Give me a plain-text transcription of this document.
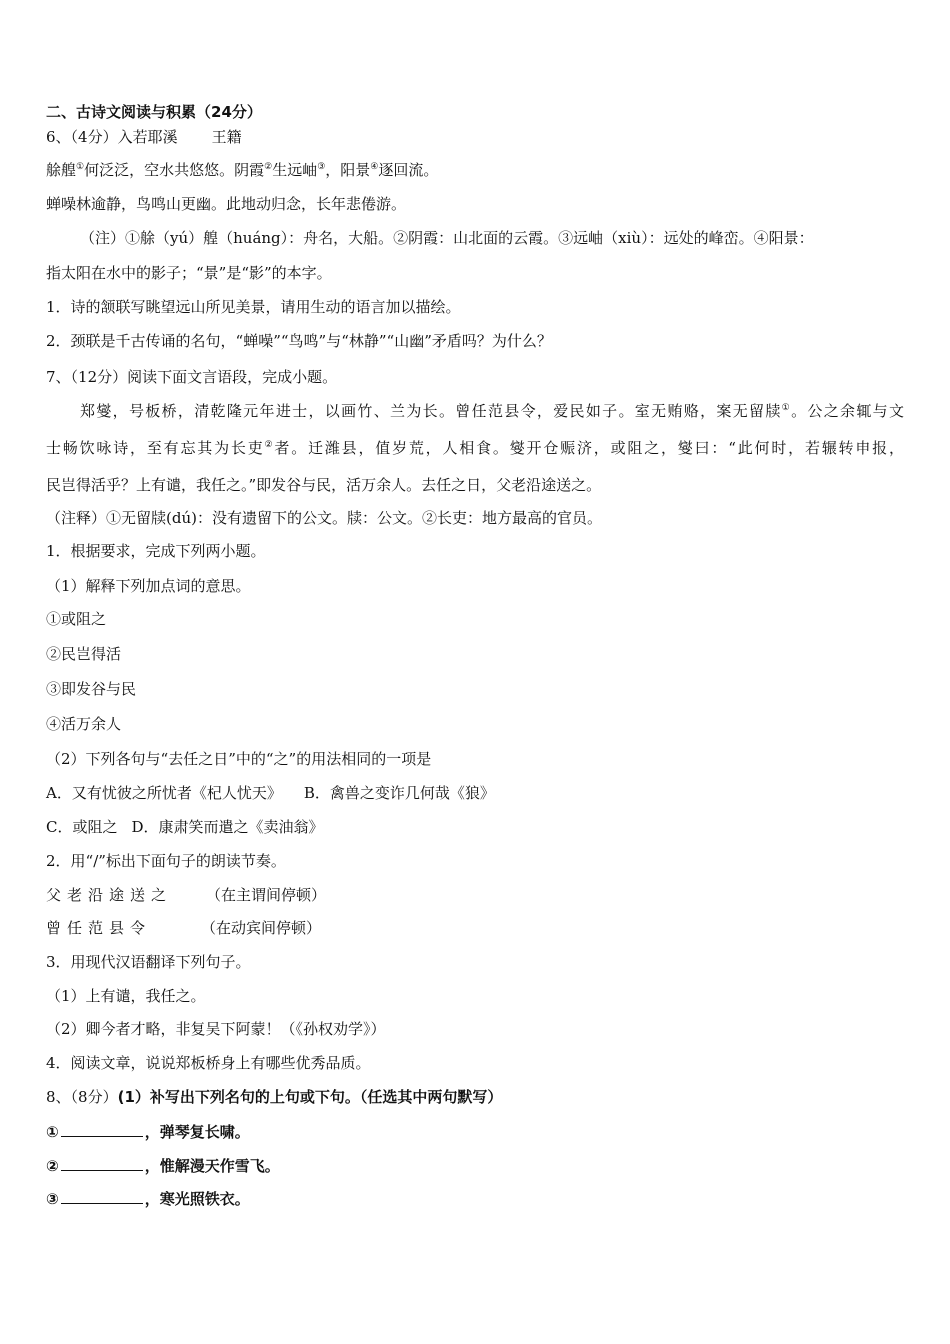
二、古诗文阅读与积累（24分）
6、（4分）入若耶溪 王籍
艅艎①何泛泛，空水共悠悠。阴霞②生远岫③，阳景④逐回流。
蝉噪林逾静，鸟鸣山更幽。此地动归念，长年悲倦游。
（注）①艅（yú）艎（huáng）：舟名，大船。②阴霞：山北面的云霞。③远岫（xiù）：远处的峰峦。④阳景：
指太阳在水中的影子；“景”是“影”的本字。
1．诗的颔联写眺望远山所见美景，请用生动的语言加以描绘。
2．颈联是千古传诵的名句，“蝉噪”“鸟鸣”与“林静”“山幽”矛盾吗？为什么？
7、（12分）阅读下面文言语段，完成小题。
郑燮，号板桥，清乾隆元年进士，以画竹、兰为长。曾任范县令，爱民如子。室无贿赂，案无留牍①。公之余辄与文
士畅饮咏诗，至有忘其为长吏②者。迁潍县，值岁荒，人相食。燮开仓赈济，或阻之，燮曰：“此何时，若辗转申报，
民岂得活乎？上有谴，我任之。”即发谷与民，活万余人。去任之日，父老沿途送之。
（注释）①无留牍(dú)：没有遗留下的公文。牍：公文。②长吏：地方最高的官员。
1．根据要求，完成下列两小题。
（1）解释下列加点词的意思。
①或阻之
②民岂得活
③即发谷与民
④活万余人
（2）下列各句与“去任之日”中的“之”的用法相同的一项是
A．又有忧彼之所忧者《杞人忧天》 B．禽兽之变诈几何哉《狼》
C．或阻之 D．康肃笑而遣之《卖油翁》
2．用“/”标出下面句子的朗读节奏。
父老沿途送之 （在主谓间停顿）
曾任范县令	（在动宾间停顿）
3．用现代汉语翻译下列句子。
（1）上有谴，我任之。
（2）卿今者才略，非复吴下阿蒙！（《孙权劝学》）
4．阅读文章，说说郑板桥身上有哪些优秀品质。
8、（8分）(1）补写出下列名句的上句或下句。（任选其中两句默写）
①	，弹琴复长啸。
②	，惟解漫天作雪飞。
③	，寒光照铁衣。
